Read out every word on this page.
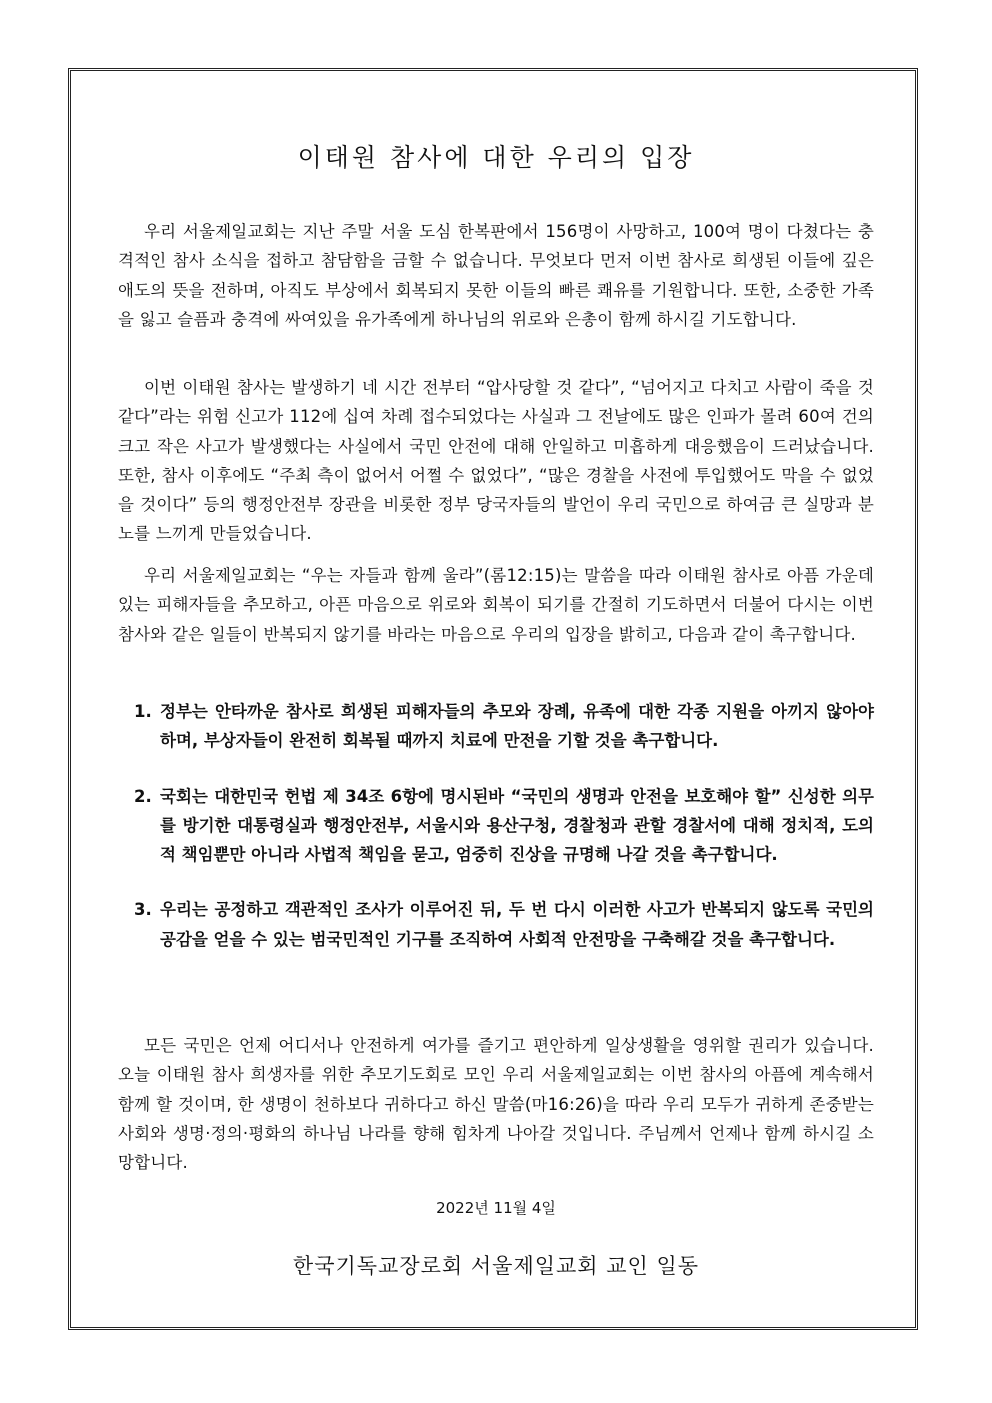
이태원 참사에 대한 우리의 입장

우리 서울제일교회는 지난 주말 서울 도심 한복판에서 156명이 사망하고, 100여 명이 다쳤다는 충격적인 참사 소식을 접하고 참담함을 금할 수 없습니다. 무엇보다 먼저 이번 참사로 희생된 이들에 깊은 애도의 뜻을 전하며, 아직도 부상에서 회복되지 못한 이들의 빠른 쾌유를 기원합니다. 또한, 소중한 가족을 잃고 슬픔과 충격에 싸여있을 유가족에게 하나님의 위로와 은총이 함께 하시길 기도합니다.

이번 이태원 참사는 발생하기 네 시간 전부터 “압사당할 것 같다”, “넘어지고 다치고 사람이 죽을 것 같다”라는 위험 신고가 112에 십여 차례 접수되었다는 사실과 그 전날에도 많은 인파가 몰려 60여 건의 크고 작은 사고가 발생했다는 사실에서 국민 안전에 대해 안일하고 미흡하게 대응했음이 드러났습니다. 또한, 참사 이후에도 “주최 측이 없어서 어쩔 수 없었다”, “많은 경찰을 사전에 투입했어도 막을 수 없었을 것이다” 등의 행정안전부 장관을 비롯한 정부 당국자들의 발언이 우리 국민으로 하여금 큰 실망과 분노를 느끼게 만들었습니다.

우리 서울제일교회는 “우는 자들과 함께 울라”(롬12:15)는 말씀을 따라 이태원 참사로 아픔 가운데 있는 피해자들을 추모하고, 아픈 마음으로 위로와 회복이 되기를 간절히 기도하면서 더불어 다시는 이번 참사와 같은 일들이 반복되지 않기를 바라는 마음으로 우리의 입장을 밝히고, 다음과 같이 촉구합니다.

1. 정부는 안타까운 참사로 희생된 피해자들의 추모와 장례, 유족에 대한 각종 지원을 아끼지 않아야 하며, 부상자들이 완전히 회복될 때까지 치료에 만전을 기할 것을 촉구합니다.
2. 국회는 대한민국 헌법 제 34조 6항에 명시된바 “국민의 생명과 안전을 보호해야 할” 신성한 의무를 방기한 대통령실과 행정안전부, 서울시와 용산구청, 경찰청과 관할 경찰서에 대해 정치적, 도의적 책임뿐만 아니라 사법적 책임을 묻고, 엄중히 진상을 규명해 나갈 것을 촉구합니다.
3. 우리는 공정하고 객관적인 조사가 이루어진 뒤, 두 번 다시 이러한 사고가 반복되지 않도록 국민의 공감을 얻을 수 있는 범국민적인 기구를 조직하여 사회적 안전망을 구축해갈 것을 촉구합니다.

모든 국민은 언제 어디서나 안전하게 여가를 즐기고 편안하게 일상생활을 영위할 권리가 있습니다. 오늘 이태원 참사 희생자를 위한 추모기도회로 모인 우리 서울제일교회는 이번 참사의 아픔에 계속해서 함께 할 것이며, 한 생명이 천하보다 귀하다고 하신 말씀(마16:26)을 따라 우리 모두가 귀하게 존중받는 사회와 생명·정의·평화의 하나님 나라를 향해 힘차게 나아갈 것입니다. 주님께서 언제나 함께 하시길 소망합니다.

2022년 11월 4일

한국기독교장로회 서울제일교회 교인 일동
